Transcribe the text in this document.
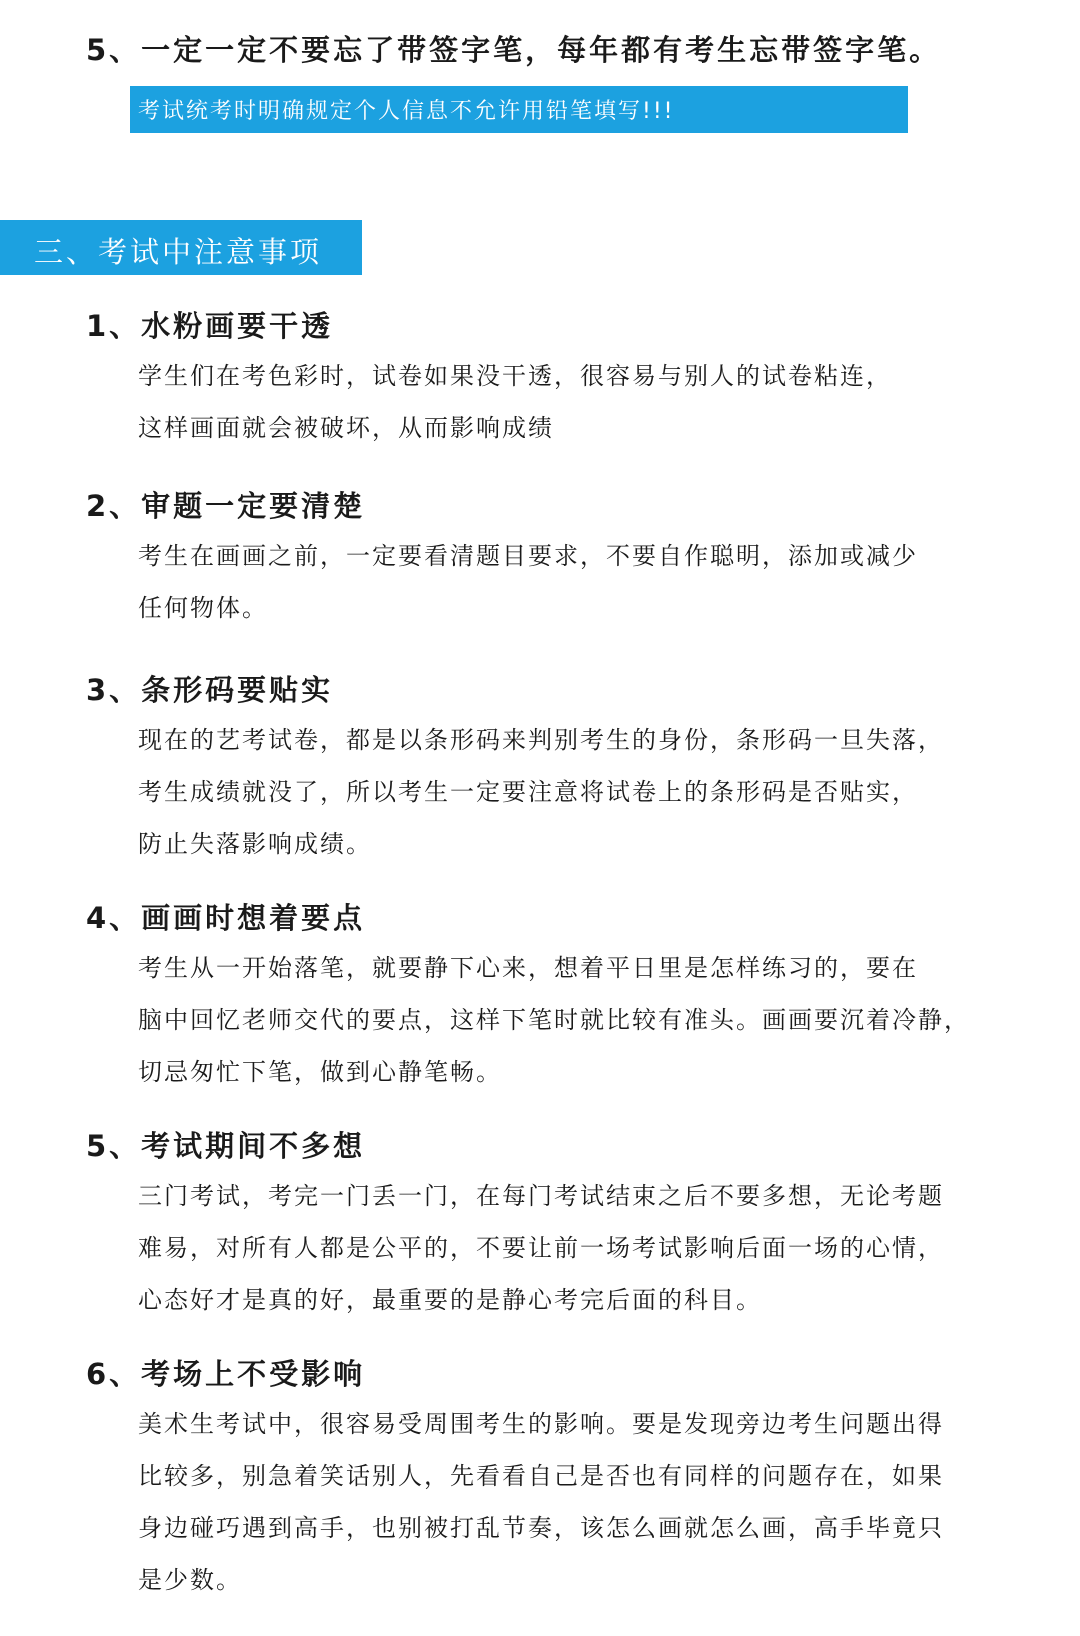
5、一定一定不要忘了带签字笔，每年都有考生忘带签字笔。
考试统考时明确规定个人信息不允许用铅笔填写!!!
三、考试中注意事项
1、水粉画要干透
学生们在考色彩时，试卷如果没干透，很容易与别人的试卷粘连，
这样画面就会被破坏，从而影响成绩
2、审题一定要清楚
考生在画画之前，一定要看清题目要求，不要自作聪明，添加或减少
任何物体。
3、条形码要贴实
现在的艺考试卷，都是以条形码来判别考生的身份，条形码一旦失落，
考生成绩就没了，所以考生一定要注意将试卷上的条形码是否贴实，
防止失落影响成绩。
4、画画时想着要点
考生从一开始落笔，就要静下心来，想着平日里是怎样练习的，要在
脑中回忆老师交代的要点，这样下笔时就比较有准头。画画要沉着冷静，
切忌匆忙下笔，做到心静笔畅。
5、考试期间不多想
三门考试，考完一门丢一门，在每门考试结束之后不要多想，无论考题
难易，对所有人都是公平的，不要让前一场考试影响后面一场的心情，
心态好才是真的好，最重要的是静心考完后面的科目。
6、考场上不受影响
美术生考试中，很容易受周围考生的影响。要是发现旁边考生问题出得
比较多，别急着笑话别人，先看看自己是否也有同样的问题存在，如果
身边碰巧遇到高手，也别被打乱节奏，该怎么画就怎么画，高手毕竟只
是少数。
